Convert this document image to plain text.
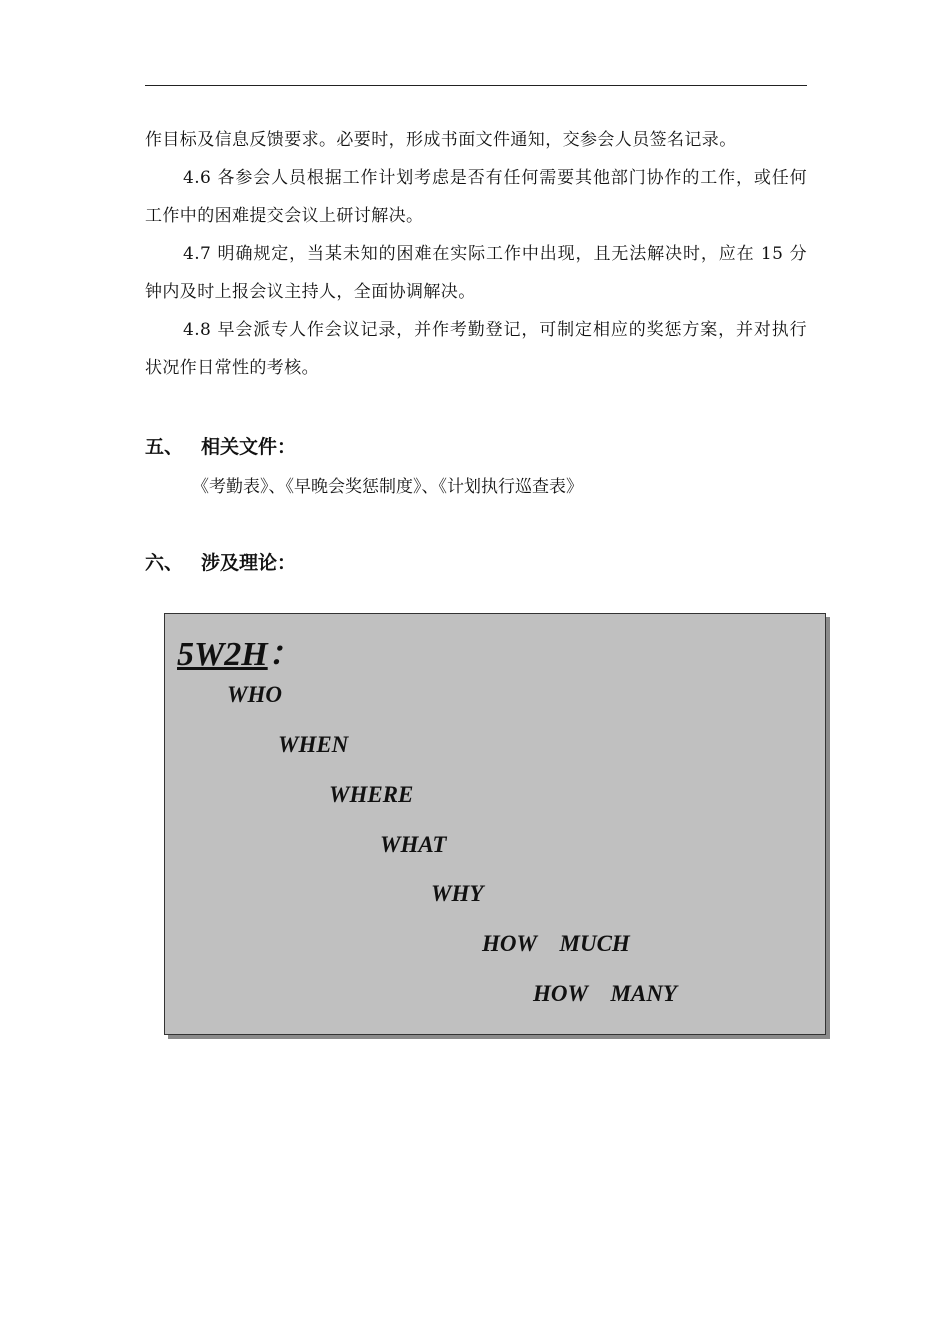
作目标及信息反馈要求。必要时，形成书面文件通知，交参会人员签名记录。

4.6 各参会人员根据工作计划考虑是否有任何需要其他部门协作的工作，或任何工作中的困难提交会议上研讨解决。

4.7 明确规定，当某未知的困难在实际工作中出现，且无法解决时，应在 15 分钟内及时上报会议主持人，全面协调解决。

4.8 早会派专人作会议记录，并作考勤登记，可制定相应的奖惩方案，并对执行状况作日常性的考核。

五、 相关文件：
《考勤表》、《早晚会奖惩制度》、《计划执行巡查表》
六、 涉及理论：
5W2H：
WHO
WHEN
WHERE
WHAT
WHY
HOW    MUCH
HOW    MANY
